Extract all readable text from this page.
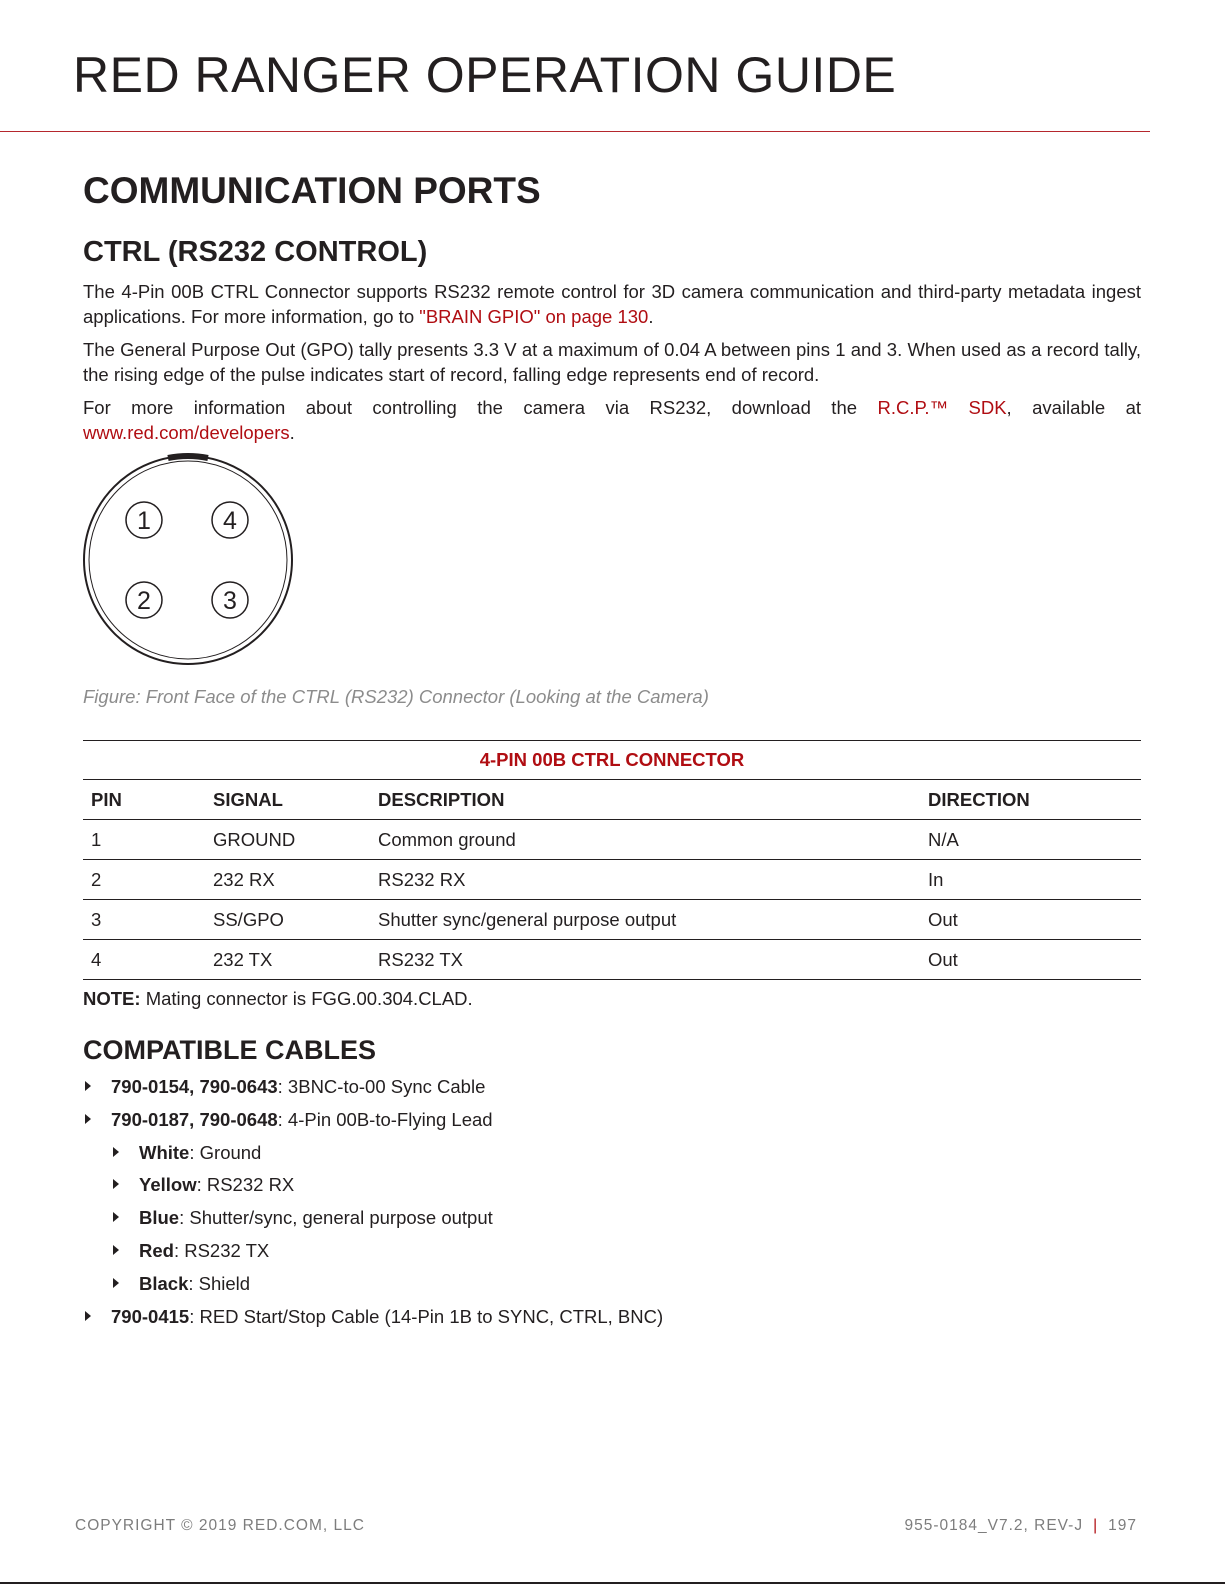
RED RANGER OPERATION GUIDE
COMMUNICATION PORTS
CTRL (RS232 CONTROL)

The 4-Pin 00B CTRL Connector supports RS232 remote control for 3D camera communication and third-party metadata ingest applications. For more information, go to "BRAIN GPIO" on page 130.

The General Purpose Out (GPO) tally presents 3.3 V at a maximum of 0.04 A between pins 1 and 3. When used as a record tally, the rising edge of the pulse indicates start of record, falling edge represents end of record.

For more information about controlling the camera via RS232, download the R.C.P.™ SDK, available at www.red.com/developers.

1	4
2	3

Figure: Front Face of the CTRL (RS232) Connector (Looking at the Camera)

4-PIN 00B CTRL CONNECTOR			
PIN	SIGNAL	DESCRIPTION	DIRECTION
1	GROUND	Common ground	N/A
2	232 RX	RS232 RX	In
3	SS/GPO	Shutter sync/general purpose output	Out
4	232 TX	RS232 TX	Out

NOTE: Mating connector is FGG.00.304.CLAD.

COMPATIBLE CABLES
790-0154, 790-0643: 3BNC-to-00 Sync Cable
790-0187, 790-0648: 4-Pin 00B-to-Flying Lead
White: Ground
Yellow: RS232 RX
Blue: Shutter/sync, general purpose output
Red: RS232 TX
Black: Shield
790-0415: RED Start/Stop Cable (14-Pin 1B to SYNC, CTRL, BNC)
COPYRIGHT © 2019 RED.COM, LLC	955-0184_V7.2, REV-J | 197
